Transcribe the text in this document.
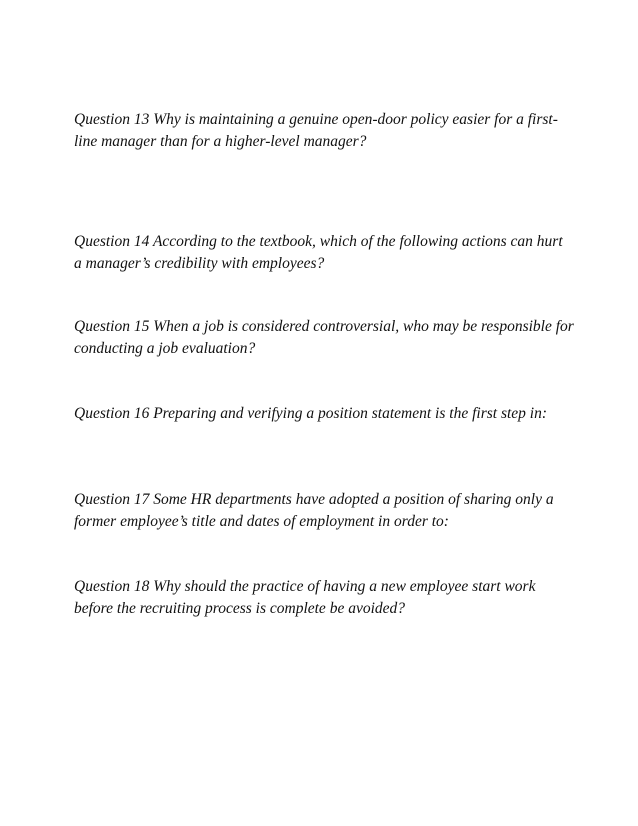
Question 13 Why is maintaining a genuine open-door policy easier for a first-line manager than for a higher-level manager?

Question 14 According to the textbook, which of the following actions can hurt a manager’s credibility with employees?

Question 15 When a job is considered controversial, who may be responsible for conducting a job evaluation?

Question 16 Preparing and verifying a position statement is the first step in:

Question 17 Some HR departments have adopted a position of sharing only a former employee’s title and dates of employment in order to:

Question 18 Why should the practice of having a new employee start work before the recruiting process is complete be avoided?
